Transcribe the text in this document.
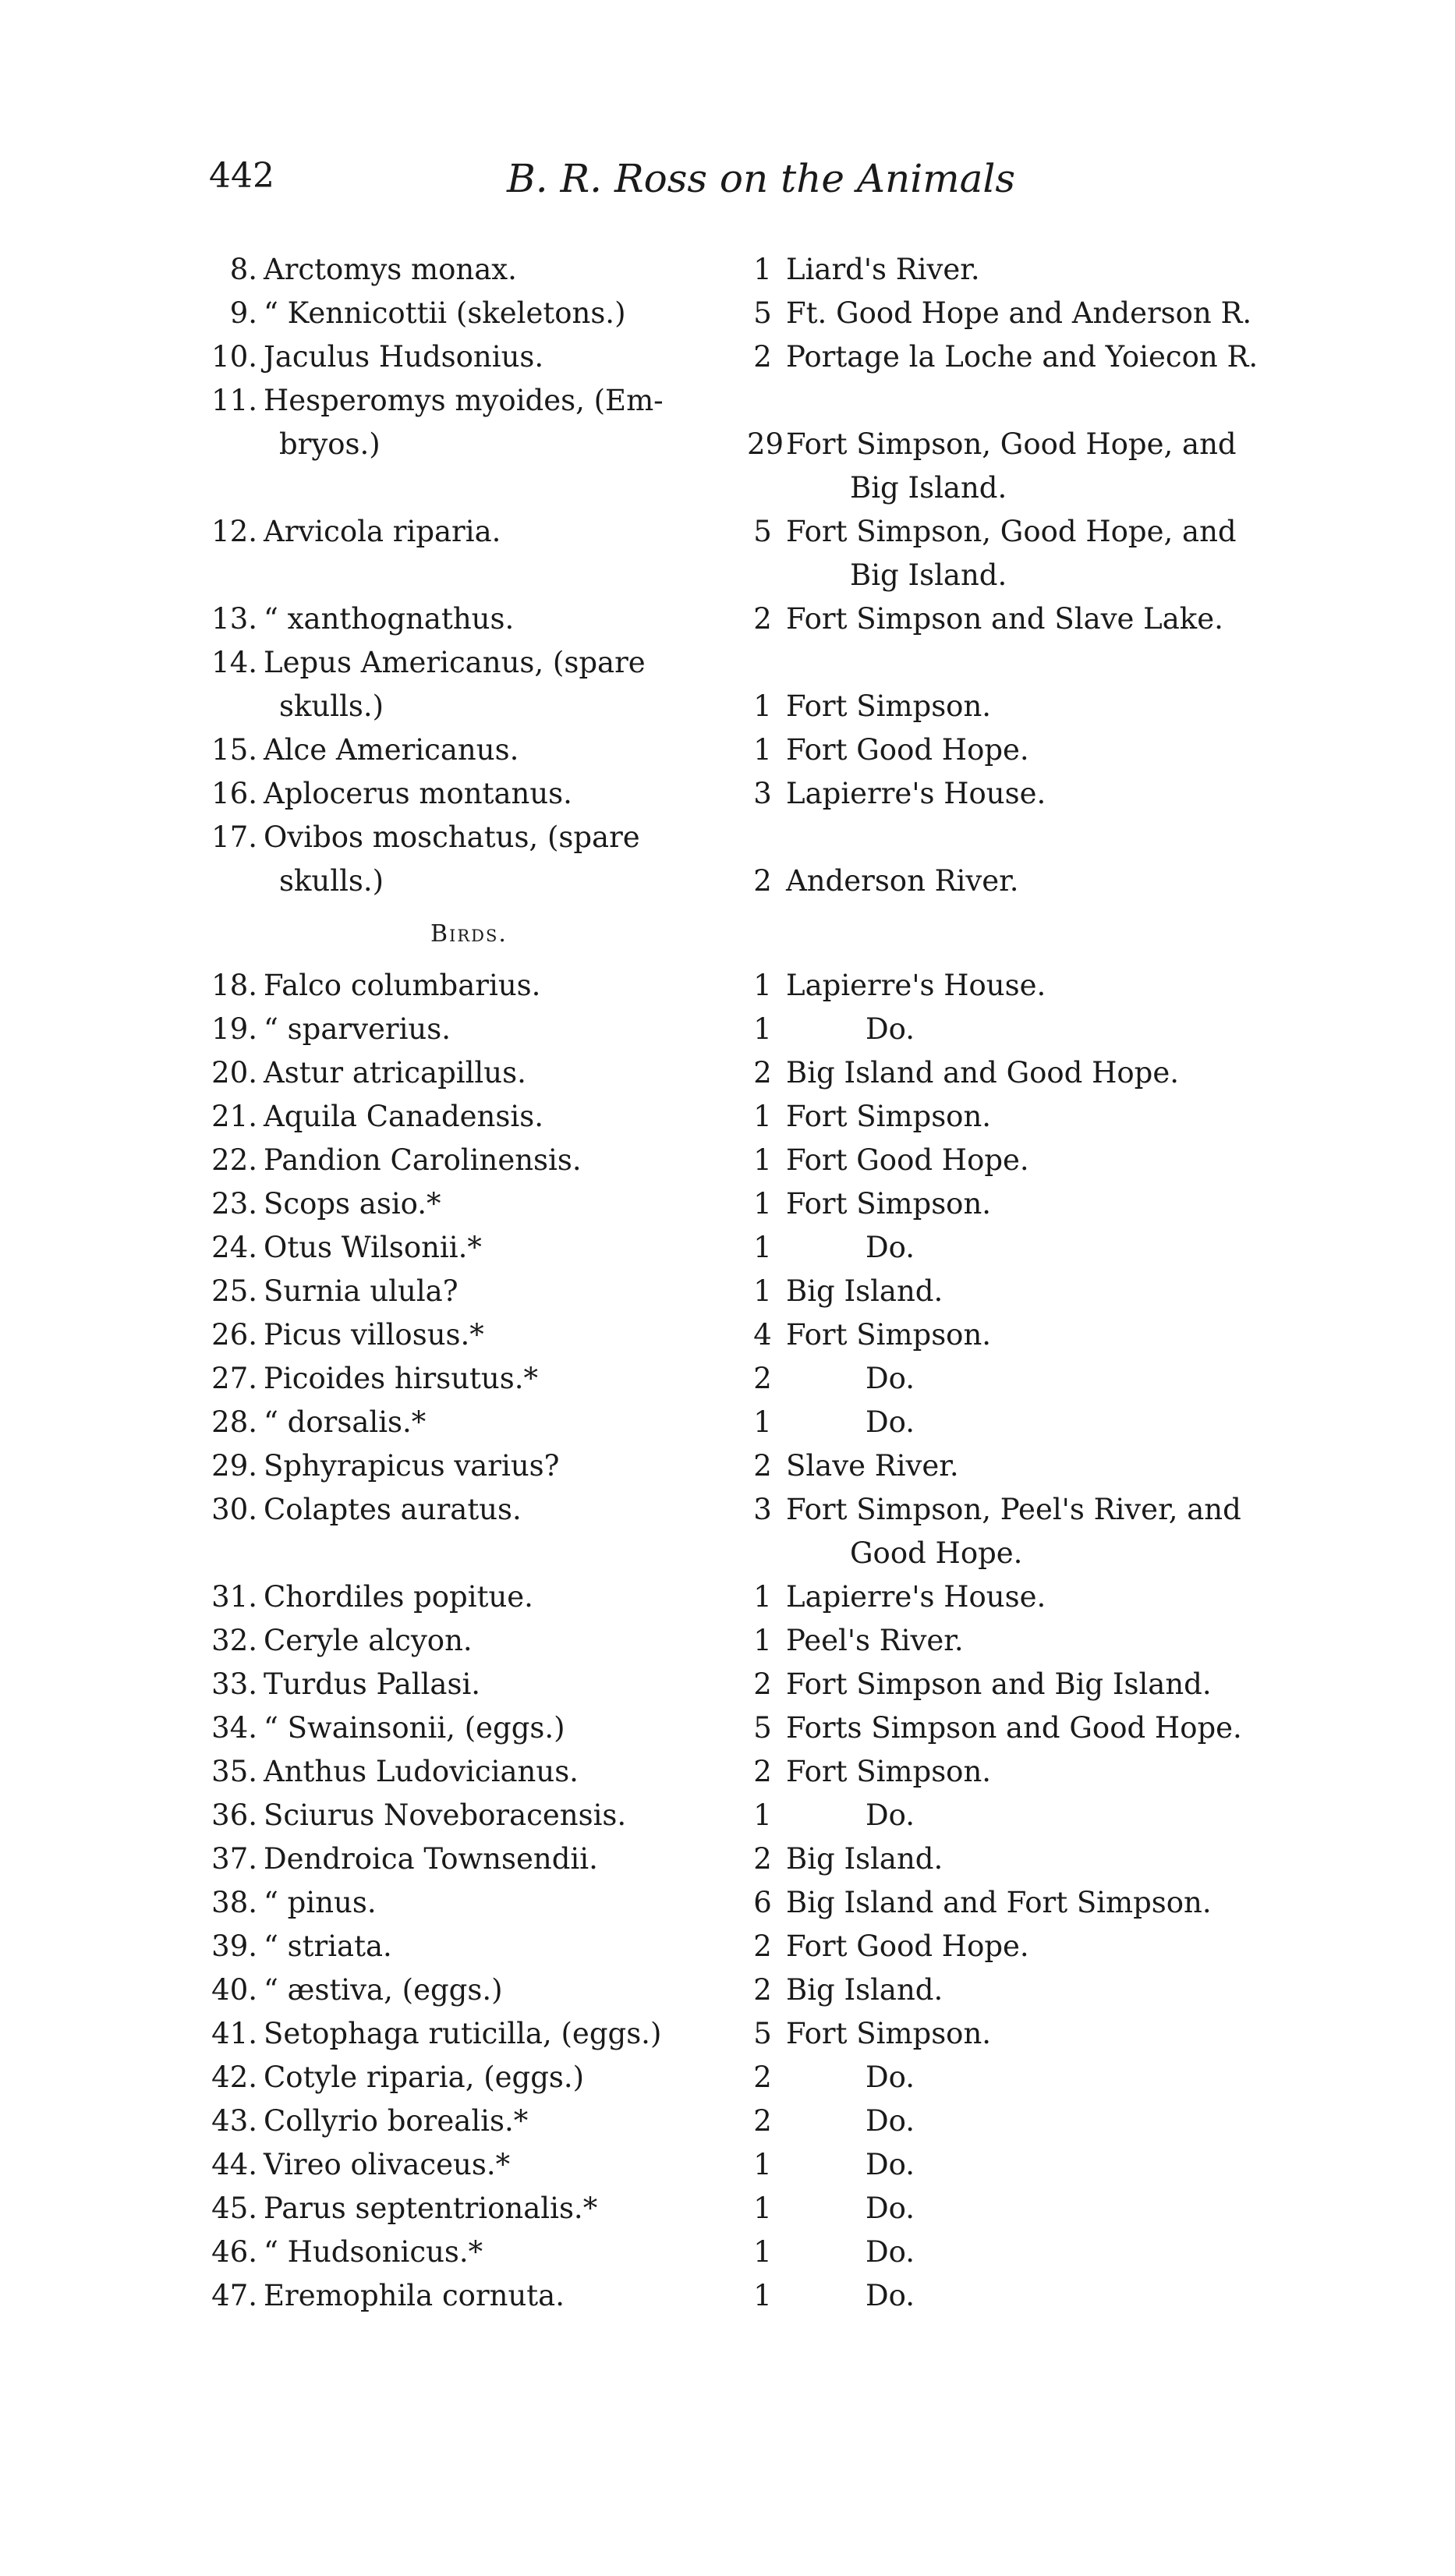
442	B. R. Ross on the Animals
8. Arctomys monax.	1 Liard's River.
9. “ Kennicottii (skeletons.)	5 Ft. Good Hope and Anderson R.
10. Jaculus Hudsonius.	2 Portage la Loche and Yoiecon R.
11. Hesperomys myoides, (Em-
bryos.)	29 Fort Simpson, Good Hope, and
Big Island.
12. Arvicola riparia.	5 Fort Simpson, Good Hope, and
Big Island.
13. “ xanthognathus.	2 Fort Simpson and Slave Lake.
14. Lepus Americanus, (spare
skulls.)	1 Fort Simpson.
15. Alce Americanus.	1 Fort Good Hope.
16. Aplocerus montanus.	3 Lapierre's House.
17. Ovibos moschatus, (spare
skulls.)	2 Anderson River.
18. Falco columbarius.	1 Lapierre's House.
19. “ sparverius.	1	Do.
20. Astur atricapillus.	2 Big Island and Good Hope.
21. Aquila Canadensis.	1 Fort Simpson.
22. Pandion Carolinensis.	1 Fort Good Hope.
23. Scops asio.*	1 Fort Simpson.
24. Otus Wilsonii.*	1	Do.
25. Surnia ulula?	1 Big Island.
26. Picus villosus.*	4 Fort Simpson.
27. Picoides hirsutus.*	2	Do.
28. “ dorsalis.*	1	Do.
29. Sphyrapicus varius?	2 Slave River.
30. Colaptes auratus.	3 Fort Simpson, Peel's River, and
Good Hope.
31. Chordiles popitue.	1 Lapierre's House.
32. Ceryle alcyon.	1 Peel's River.
33. Turdus Pallasi.	2 Fort Simpson and Big Island.
34. “ Swainsonii, (eggs.)	5 Forts Simpson and Good Hope.
35. Anthus Ludovicianus.	2 Fort Simpson.
36. Sciurus Noveboracensis.	1	Do.
37. Dendroica Townsendii.	2 Big Island.
38. “ pinus.	6 Big Island and Fort Simpson.
39. “ striata.	2 Fort Good Hope.
40. “ æstiva, (eggs.)	2 Big Island.
41. Setophaga ruticilla, (eggs.)	5 Fort Simpson.
42. Cotyle riparia, (eggs.)	2	Do.
43. Collyrio borealis.*	2	Do.
44. Vireo olivaceus.*	1	Do.
45. Parus septentrionalis.*	1	Do.
46. “ Hudsonicus.*	1	Do.
47. Eremophila cornuta.	1	Do.
Birds.
